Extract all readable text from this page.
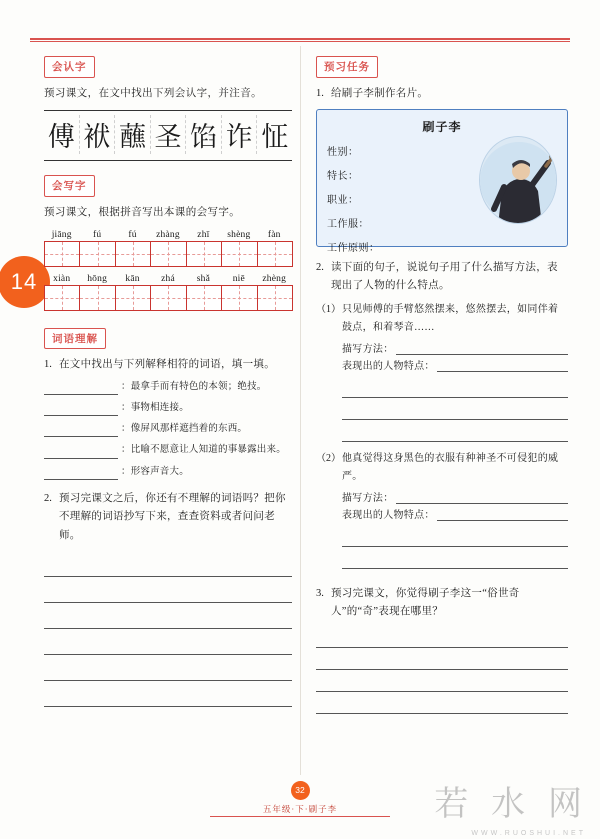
14
会认字

预习课文，在文中找出下列会认字，并注音。

傅 袱 蘸 圣 馅 诈 怔
会写字

预习课文，根据拼音写出本课的会写字。

jiāng	fú	fú	zhàng	zhī	shèng	fàn
xiàn	hōng	kān	zhá	shǎ	niē	zhèng
词语理解
1. 在文中找出与下列解释相符的词语，填一填。
：最拿手而有特色的本领；绝技。
：事物相连接。
：像屏风那样遮挡着的东西。
：比喻不愿意让人知道的事暴露出来。
：形容声音大。
2. 预习完课文之后，你还有不理解的词语吗？把你不理解的词语抄写下来，查查资料或者问问老师。
预习任务
1. 给刷子李制作名片。
刷子李
性别：
特长：
职业：
工作服：
工作原则：
2. 读下面的句子，说说句子用了什么描写方法，表现出了人物的什么特点。
（1） 只见师傅的手臂悠然摆来，悠然摆去，如同伴着鼓点，和着琴音……
描写方法：
表现出的人物特点：
（2） 他真觉得这身黑色的衣服有种神圣不可侵犯的威严。
描写方法：
表现出的人物特点：
3. 预习完课文，你觉得刷子李这一“俗世奇人”的“奇”表现在哪里？
32
五年级·下·刷子李	若 水 网
WWW.RUOSHUI.NET
